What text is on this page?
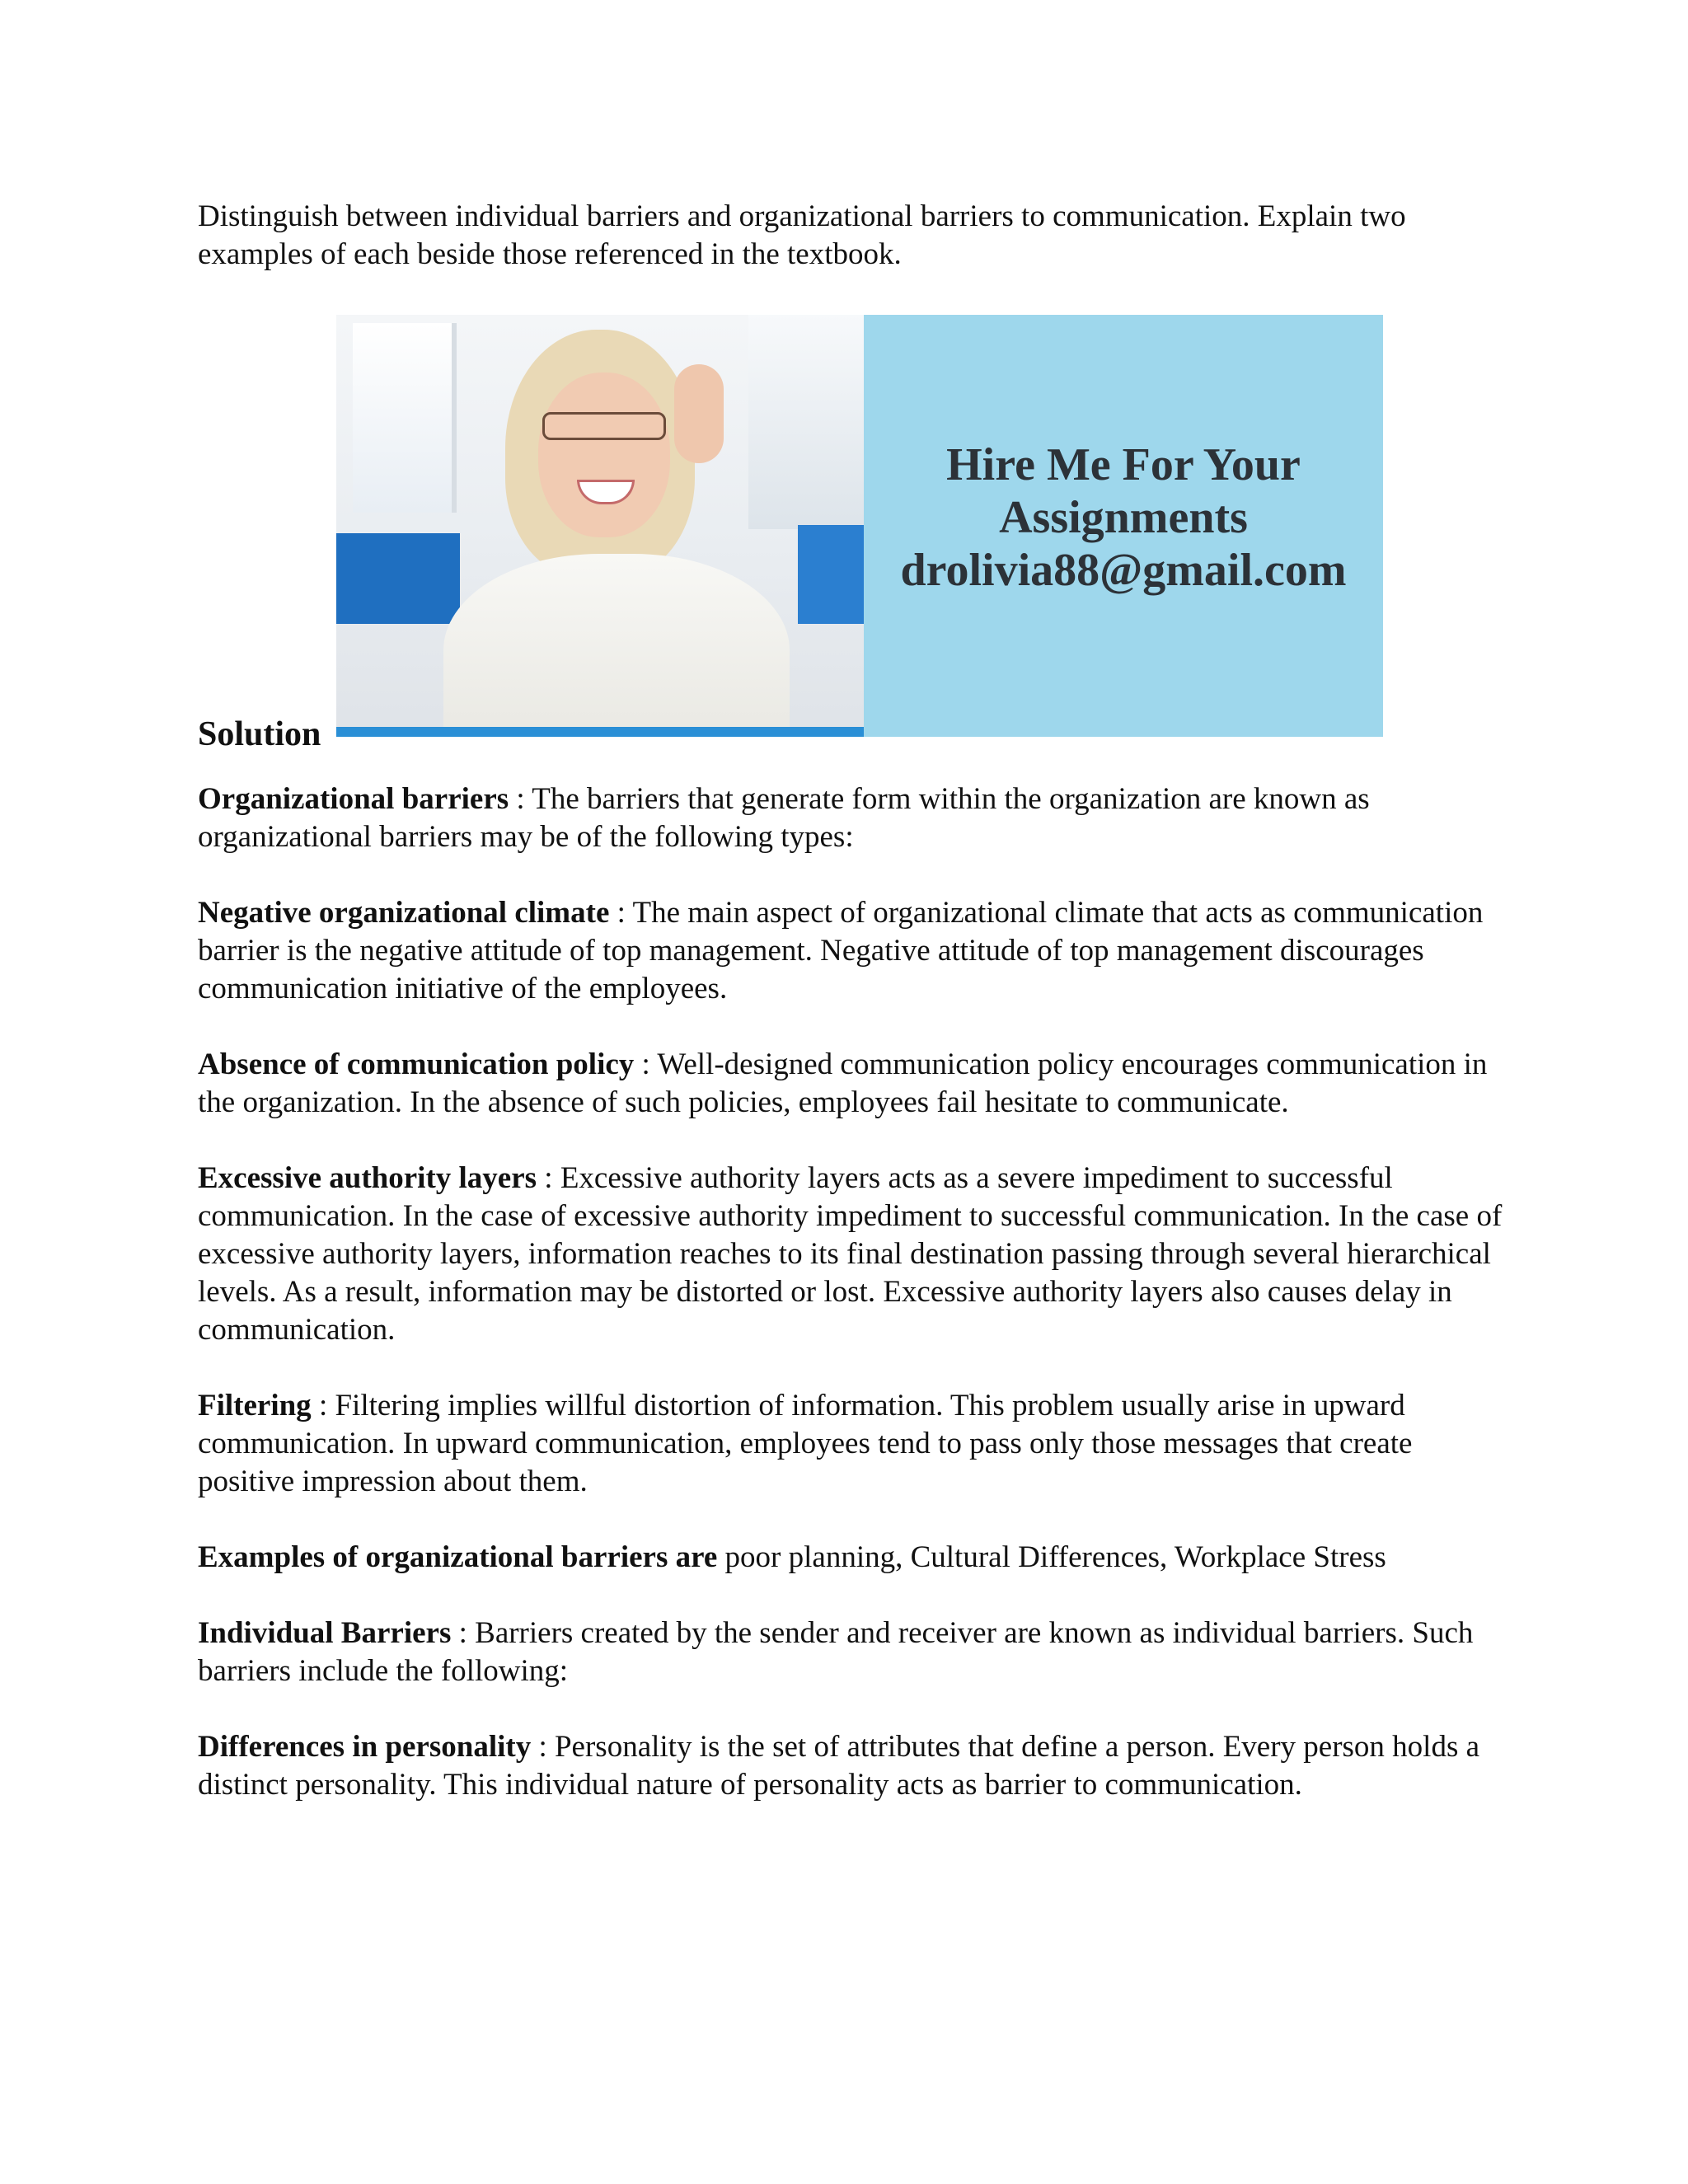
Distinguish between individual barriers and organizational barriers to communication. Explain two examples of each beside those referenced in the textbook.

Solution
Hire Me For Your
Assignments
drolivia88@gmail.com

Organizational barriers : The barriers that generate form within the organization are known as organizational barriers may be of the following types:

Negative organizational climate : The main aspect of organizational climate that acts as communication barrier is the negative attitude of top management. Negative attitude of top management discourages communication initiative of the employees.

Absence of communication policy : Well-designed communication policy encourages communication in the organization. In the absence of such policies, employees fail hesitate to communicate.

Excessive authority layers : Excessive authority layers acts as a severe impediment to successful communication. In the case of excessive authority impediment to successful communication. In the case of excessive authority layers, information reaches to its final destination passing through several hierarchical levels. As a result, information may be distorted or lost. Excessive authority layers also causes delay in communication.

Filtering : Filtering implies willful distortion of information. This problem usually arise in upward communication. In upward communication, employees tend to pass only those messages that create positive impression about them.

Examples of organizational barriers are poor planning, Cultural Differences, Workplace Stress

Individual Barriers : Barriers created by the sender and receiver are known as individual barriers. Such barriers include the following:

Differences in personality : Personality is the set of attributes that define a person. Every person holds a distinct personality. This individual nature of personality acts as barrier to communication.
